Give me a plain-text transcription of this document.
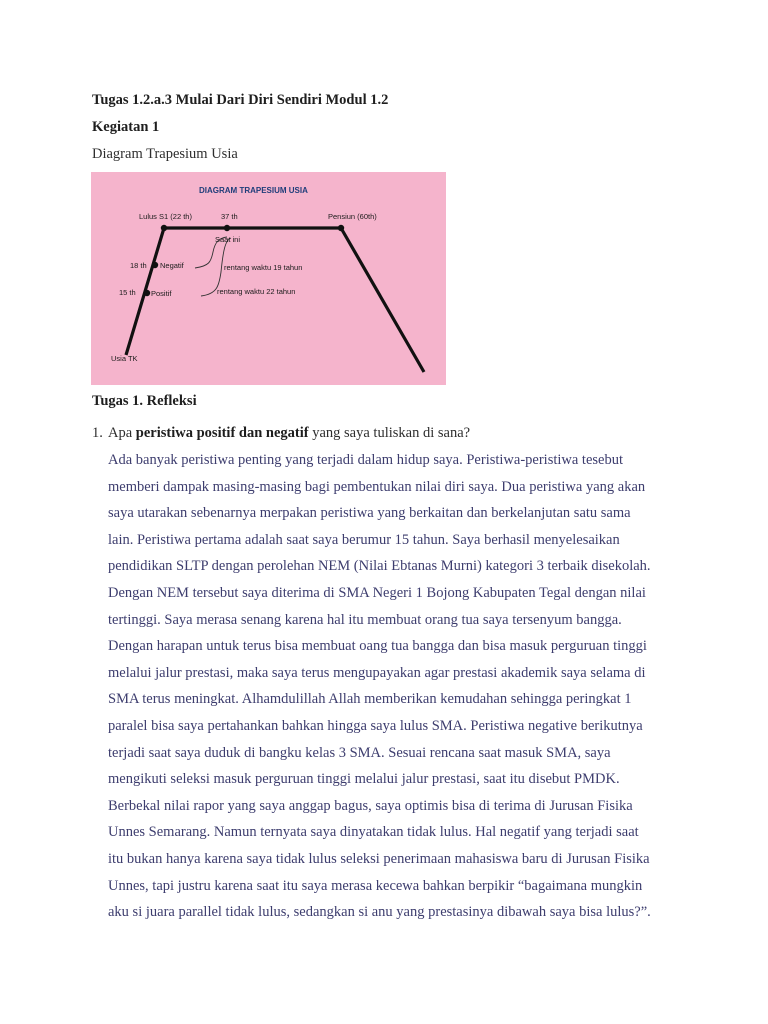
Tugas 1.2.a.3 Mulai Dari Diri Sendiri Modul 1.2
Kegiatan 1
Diagram Trapesium Usia
DIAGRAM TRAPESIUM USIA
Lulus S1 (22 th)	37 th	Pensiun (60th)
Saat ini
18 th Negatif	rentang waktu 19 tahun
15 th Positif	rentang waktu 22 tahun
Usia TK
Tugas 1. Refleksi
1. Apa peristiwa positif dan negatif yang saya tuliskan di sana?

Ada banyak peristiwa penting yang terjadi dalam hidup saya. Peristiwa-peristiwa tesebut

memberi dampak masing-masing bagi pembentukan nilai diri saya. Dua peristiwa yang akan

saya utarakan sebenarnya merpakan peristiwa yang berkaitan dan berkelanjutan satu sama

lain. Peristiwa pertama adalah saat saya berumur 15 tahun. Saya berhasil menyelesaikan

pendidikan SLTP dengan perolehan NEM (Nilai Ebtanas Murni) kategori 3 terbaik disekolah.

Dengan NEM tersebut saya diterima di SMA Negeri 1 Bojong Kabupaten Tegal dengan nilai

tertinggi. Saya merasa senang karena hal itu membuat orang tua saya tersenyum bangga.

Dengan harapan untuk terus bisa membuat oang tua bangga dan bisa masuk perguruan tinggi

melalui jalur prestasi, maka saya terus mengupayakan agar prestasi akademik saya selama di

SMA terus meningkat. Alhamdulillah Allah memberikan kemudahan sehingga peringkat 1

paralel bisa saya pertahankan bahkan hingga saya lulus SMA. Peristiwa negative berikutnya

terjadi saat saya duduk di bangku kelas 3 SMA. Sesuai rencana saat masuk SMA, saya

mengikuti seleksi masuk perguruan tinggi melalui jalur prestasi, saat itu disebut PMDK.

Berbekal nilai rapor yang saya anggap bagus, saya optimis bisa di terima di Jurusan Fisika

Unnes Semarang. Namun ternyata saya dinyatakan tidak lulus. Hal negatif yang terjadi saat

itu bukan hanya karena saya tidak lulus seleksi penerimaan mahasiswa baru di Jurusan Fisika

Unnes, tapi justru karena saat itu saya merasa kecewa bahkan berpikir “bagaimana mungkin

aku si juara parallel tidak lulus, sedangkan si anu yang prestasinya dibawah saya bisa lulus?”.
